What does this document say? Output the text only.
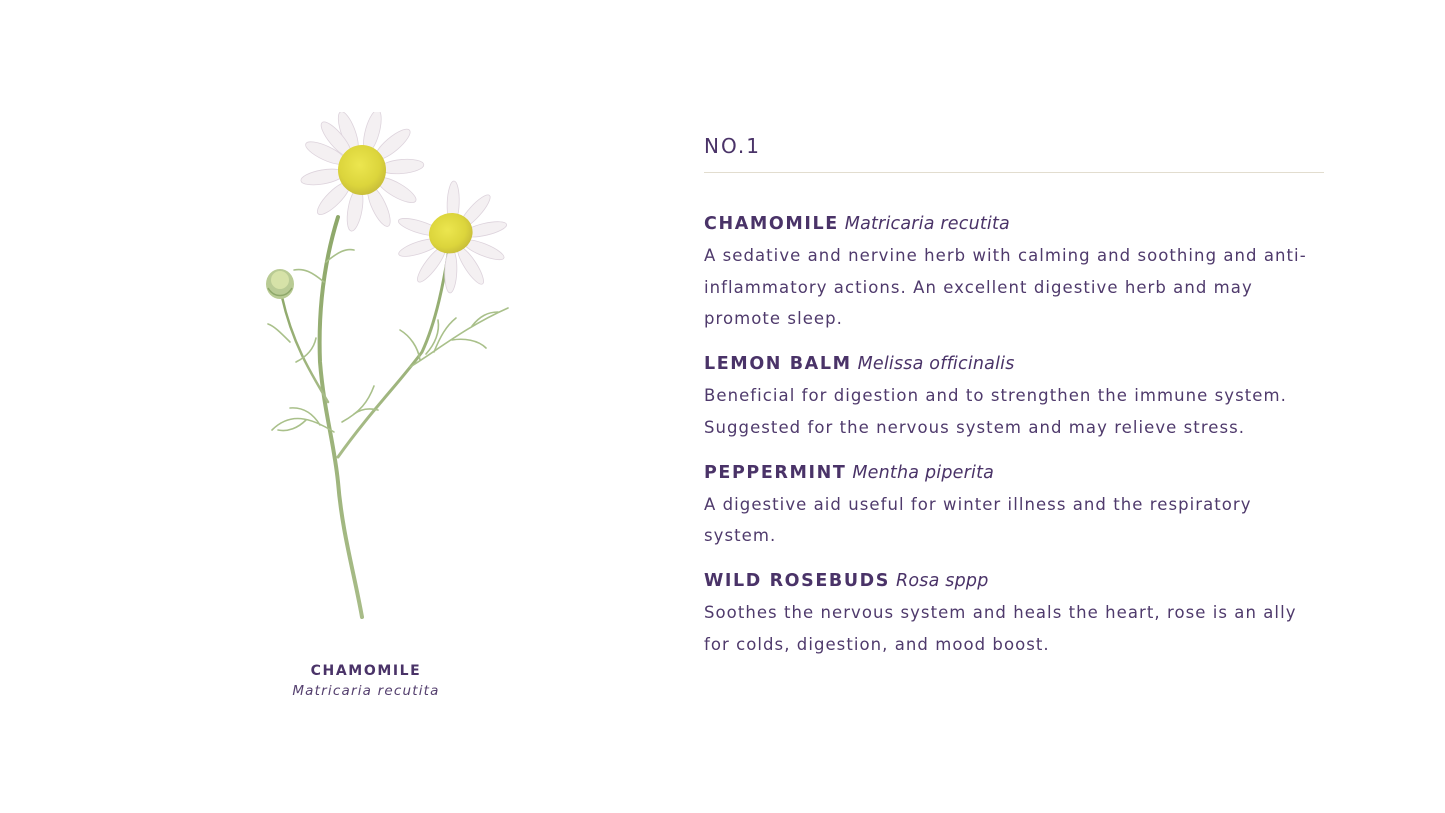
CHAMOMILE
Matricaria recutita
NO.1
CHAMOMILE Matricaria recutita
A sedative and nervine herb with calming and soothing and anti-inflammatory actions. An excellent digestive herb and may promote sleep.
LEMON BALM Melissa officinalis
Beneficial for digestion and to strengthen the immune system. Suggested for the nervous system and may relieve stress.
PEPPERMINT Mentha piperita
A digestive aid useful for winter illness and the respiratory system.
WILD ROSEBUDS Rosa sppp
Soothes the nervous system and heals the heart, rose is an ally for colds, digestion, and mood boost.
